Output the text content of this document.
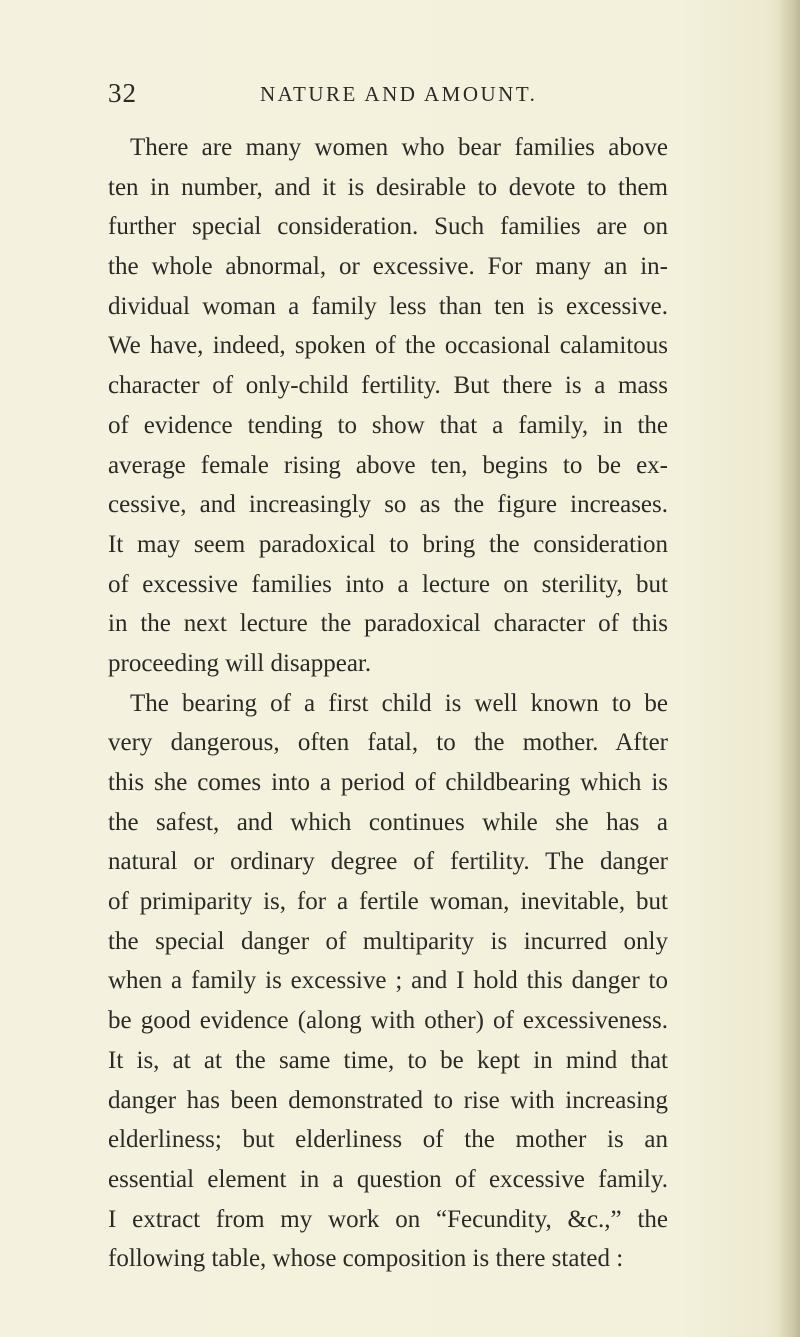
32	NATURE AND AMOUNT.
There are many women who bear families above
ten in number, and it is desirable to devote to them
further special consideration. Such families are on
the whole abnormal, or excessive. For many an in-
dividual woman a family less than ten is excessive.
We have, indeed, spoken of the occasional calamitous
character of only-child fertility. But there is a mass
of evidence tending to show that a family, in the
average female rising above ten, begins to be ex-
cessive, and increasingly so as the figure increases.
It may seem paradoxical to bring the consideration
of excessive families into a lecture on sterility, but
in the next lecture the paradoxical character of this
proceeding will disappear.
The bearing of a first child is well known to be
very dangerous, often fatal, to the mother. After
this she comes into a period of childbearing which is
the safest, and which continues while she has a
natural or ordinary degree of fertility. The danger
of primiparity is, for a fertile woman, inevitable, but
the special danger of multiparity is incurred only
when a family is excessive ; and I hold this danger to
be good evidence (along with other) of excessiveness.
It is, at at the same time, to be kept in mind that
danger has been demonstrated to rise with increasing
elderliness; but elderliness of the mother is an
essential element in a question of excessive family.
I extract from my work on “Fecundity, &c.,” the
following table, whose composition is there stated :
